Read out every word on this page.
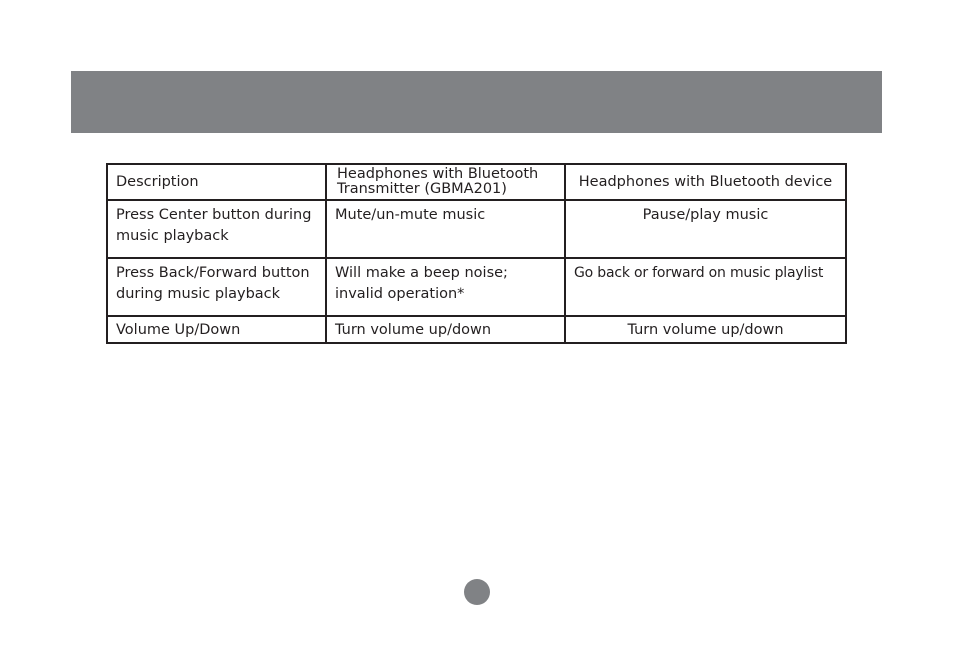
Description	Headphones with Bluetooth Transmitter (GBMA201)	Headphones with Bluetooth device
Press Center button during music playback	Mute/un-mute music	Pause/play music
Press Back/Forward button during music playback	Will make a beep noise; invalid operation*	Go back or forward on music playlist
Volume Up/Down	Turn volume up/down	Turn volume up/down
